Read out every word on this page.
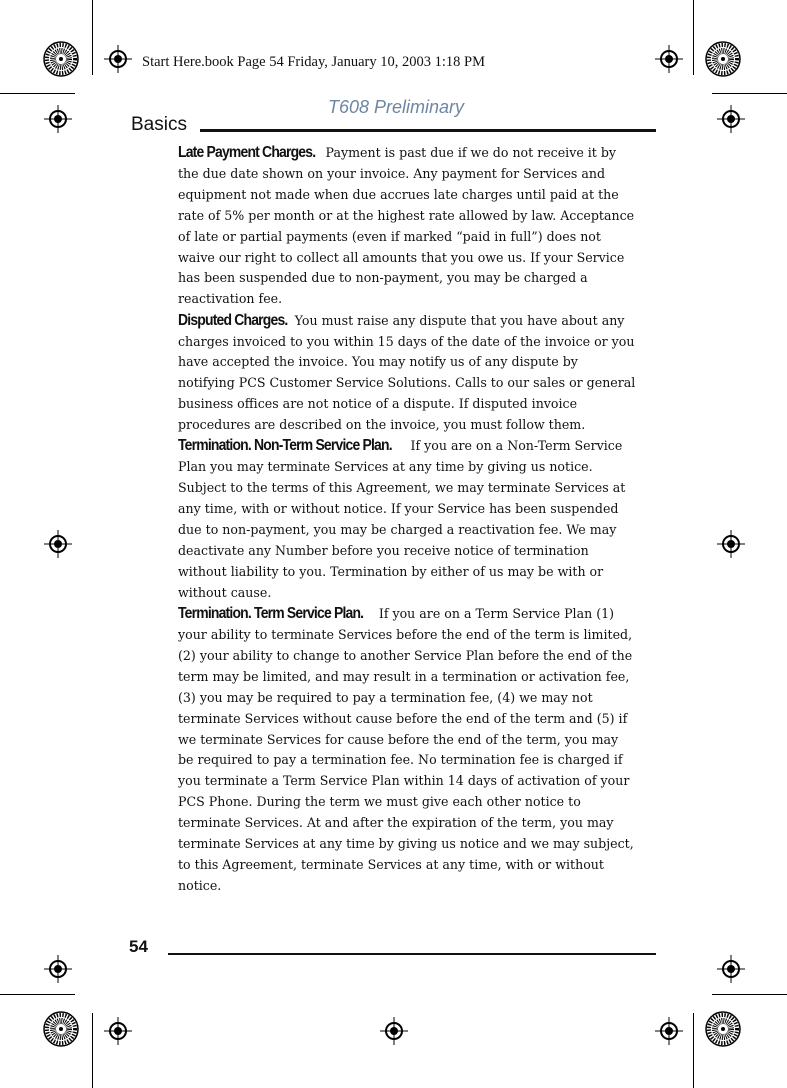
Start Here.book Page 54 Friday, January 10, 2003 1:18 PM
T608 Preliminary
Basics

Late Payment Charges. Payment is past due if we do not receive it by the due date shown on your invoice. Any payment for Services and equipment not made when due accrues late charges until paid at the rate of 5% per month or at the highest rate allowed by law. Acceptance of late or partial payments (even if marked “paid in full”) does not waive our right to collect all amounts that you owe us. If your Service has been suspended due to non-payment, you may be charged a reactivation fee.

Disputed Charges. You must raise any dispute that you have about any charges invoiced to you within 15 days of the date of the invoice or you have accepted the invoice. You may notify us of any dispute by notifying PCS Customer Service Solutions. Calls to our sales or general business offices are not notice of a dispute. If disputed invoice procedures are described on the invoice, you must follow them.

Termination. Non-Term Service Plan. If you are on a Non-Term Service Plan you may terminate Services at any time by giving us notice. Subject to the terms of this Agreement, we may terminate Services at any time, with or without notice. If your Service has been suspended due to non-payment, you may be charged a reactivation fee. We may deactivate any Number before you receive notice of termination without liability to you. Termination by either of us may be with or without cause.

Termination. Term Service Plan. If you are on a Term Service Plan (1) your ability to terminate Services before the end of the term is limited, (2) your ability to change to another Service Plan before the end of the term may be limited, and may result in a termination or activation fee, (3) you may be required to pay a termination fee, (4) we may not terminate Services without cause before the end of the term and (5) if we terminate Services for cause before the end of the term, you may be required to pay a termination fee. No termination fee is charged if you terminate a Term Service Plan within 14 days of activation of your PCS Phone. During the term we must give each other notice to terminate Services. At and after the expiration of the term, you may terminate Services at any time by giving us notice and we may subject, to this Agreement, terminate Services at any time, with or without notice.

54
